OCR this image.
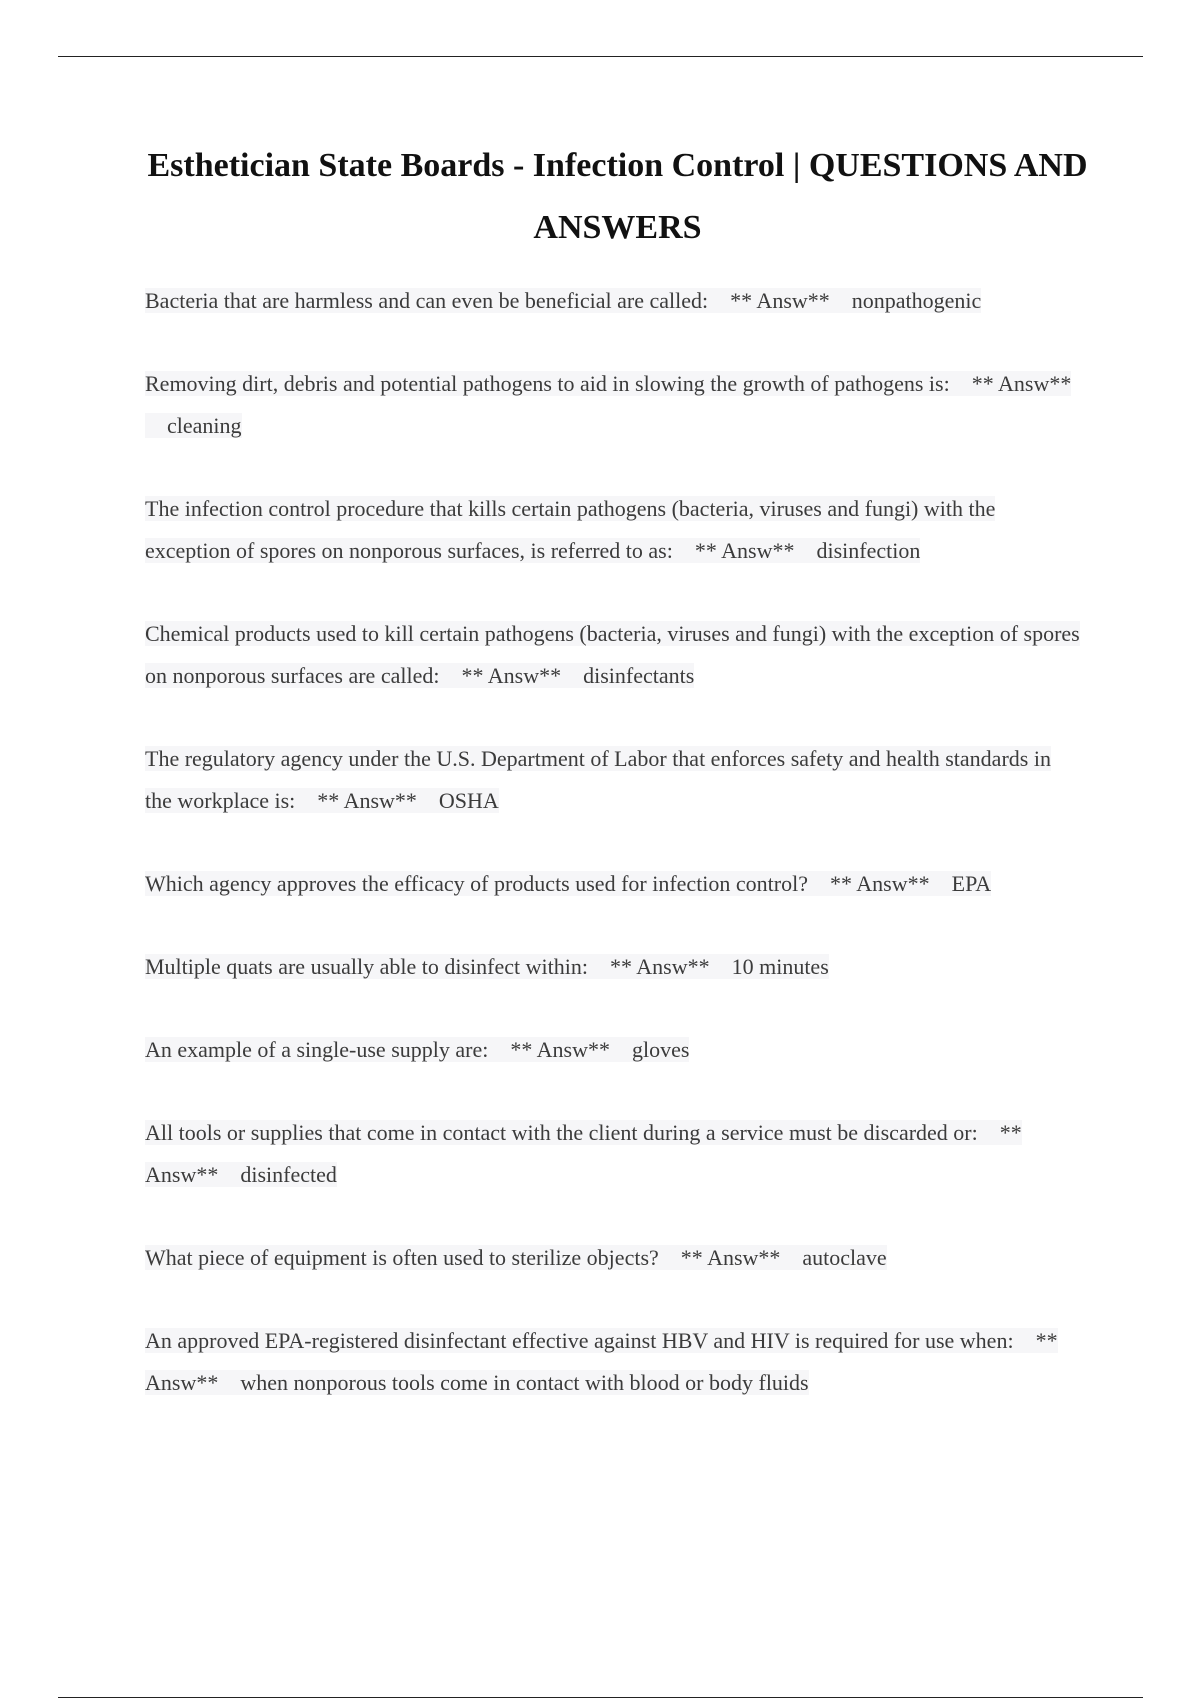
Esthetician State Boards - Infection Control | QUESTIONS AND ANSWERS

Bacteria that are harmless and can even be beneficial are called: ** Answ** nonpathogenic

Removing dirt, debris and potential pathogens to aid in slowing the growth of pathogens is: ** Answ**    cleaning

The infection control procedure that kills certain pathogens (bacteria, viruses and fungi) with the exception of spores on nonporous surfaces, is referred to as: ** Answ** disinfection

Chemical products used to kill certain pathogens (bacteria, viruses and fungi) with the exception of spores on nonporous surfaces are called: ** Answ** disinfectants

The regulatory agency under the U.S. Department of Labor that enforces safety and health standards in the workplace is: ** Answ** OSHA

Which agency approves the efficacy of products used for infection control? ** Answ** EPA

Multiple quats are usually able to disinfect within: ** Answ** 10 minutes

An example of a single-use supply are: ** Answ** gloves

All tools or supplies that come in contact with the client during a service must be discarded or: ** Answ** disinfected

What piece of equipment is often used to sterilize objects? ** Answ** autoclave

An approved EPA-registered disinfectant effective against HBV and HIV is required for use when: ** Answ** when nonporous tools come in contact with blood or body fluids
